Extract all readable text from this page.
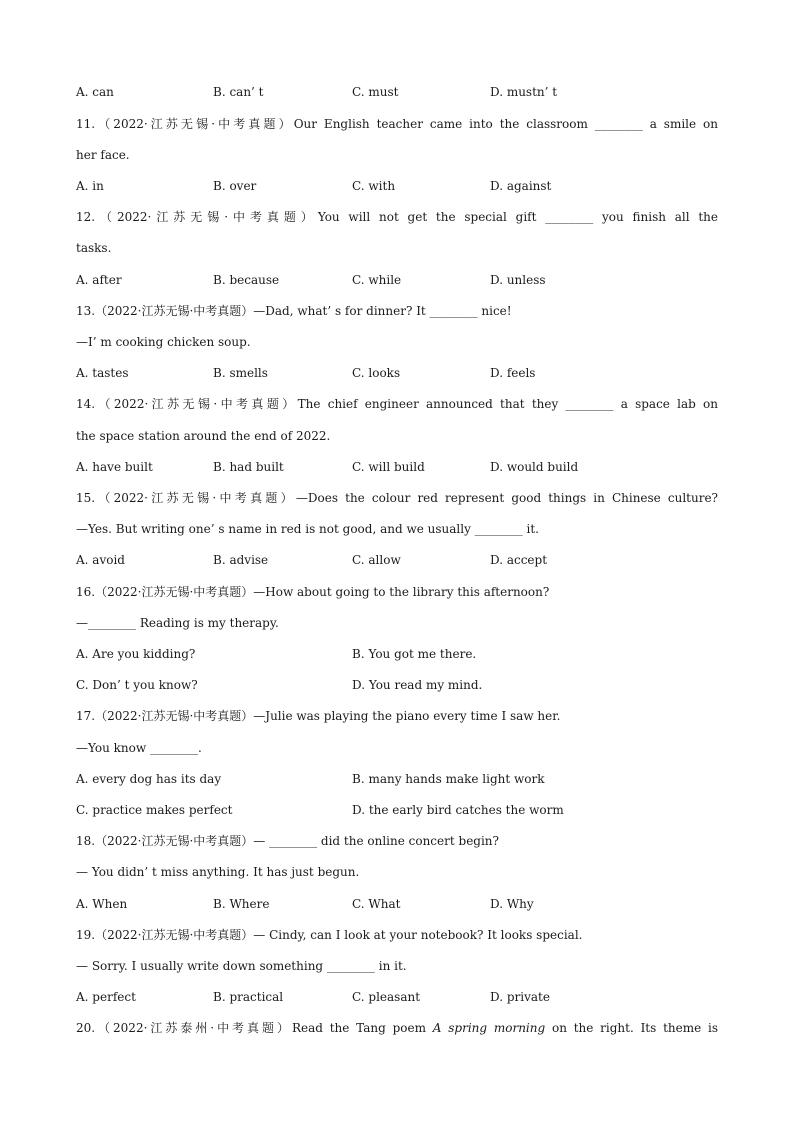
A. can	B. can’ t	C. must	D. mustn’ t
11.（2022·江苏无锡·中考真题）Our English teacher came into the classroom ________ a smile on
her face.
A. in	B. over	C. with	D. against
12.（2022·江苏无锡·中考真题）You will not get the special gift ________ you finish all the
tasks.
A. after	B. because	C. while	D. unless
13.（2022·江苏无锡·中考真题）—Dad, what’ s for dinner? It ________ nice!
—I’ m cooking chicken soup.
A. tastes	B. smells	C. looks	D. feels
14.（2022·江苏无锡·中考真题）The chief engineer announced that they ________ a space lab on
the space station around the end of 2022.
A. have built	B. had built	C. will build	D. would build
15.（2022·江苏无锡·中考真题）—Does the colour red represent good things in Chinese culture?
—Yes. But writing one’ s name in red is not good, and we usually ________ it.
A. avoid	B. advise	C. allow	D. accept
16.（2022·江苏无锡·中考真题）—How about going to the library this afternoon?
—________ Reading is my therapy.
A. Are you kidding?	B. You got me there.
C. Don’ t you know?	D. You read my mind.
17.（2022·江苏无锡·中考真题）—Julie was playing the piano every time I saw her.
—You know ________.
A. every dog has its day	B. many hands make light work
C. practice makes perfect	D. the early bird catches the worm
18.（2022·江苏无锡·中考真题）— ________ did the online concert begin?
— You didn’ t miss anything. It has just begun.
A. When	B. Where	C. What	D. Why
19.（2022·江苏无锡·中考真题）— Cindy, can I look at your notebook? It looks special.
— Sorry. I usually write down something ________ in it.
A. perfect	B. practical	C. pleasant	D. private
20.（2022·江苏泰州·中考真题）Read the Tang poem A spring morning on the right. Its theme is
